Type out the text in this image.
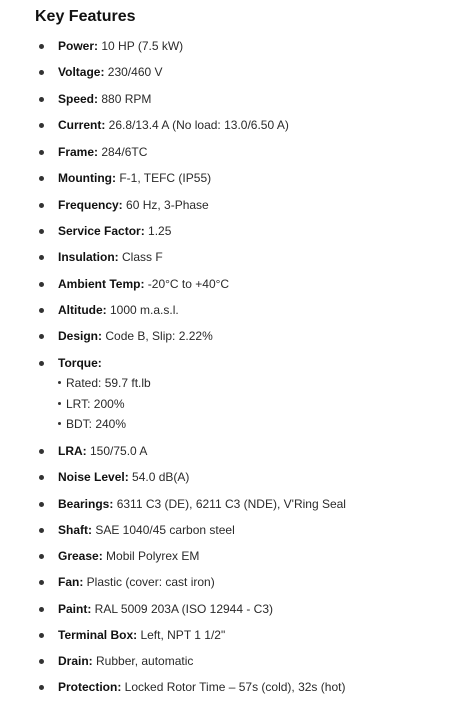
Key Features
Power: 10 HP (7.5 kW)
Voltage: 230/460 V
Speed: 880 RPM
Current: 26.8/13.4 A (No load: 13.0/6.50 A)
Frame: 284/6TC
Mounting: F-1, TEFC (IP55)
Frequency: 60 Hz, 3-Phase
Service Factor: 1.25
Insulation: Class F
Ambient Temp: -20°C to +40°C
Altitude: 1000 m.a.s.l.
Design: Code B, Slip: 2.22%
Torque:
Rated: 59.7 ft.lb
LRT: 200%
BDT: 240%
LRA: 150/75.0 A
Noise Level: 54.0 dB(A)
Bearings: 6311 C3 (DE), 6211 C3 (NDE), V'Ring Seal
Shaft: SAE 1040/45 carbon steel
Grease: Mobil Polyrex EM
Fan: Plastic (cover: cast iron)
Paint: RAL 5009 203A (ISO 12944 - C3)
Terminal Box: Left, NPT 1 1/2"
Drain: Rubber, automatic
Protection: Locked Rotor Time – 57s (cold), 32s (hot)
